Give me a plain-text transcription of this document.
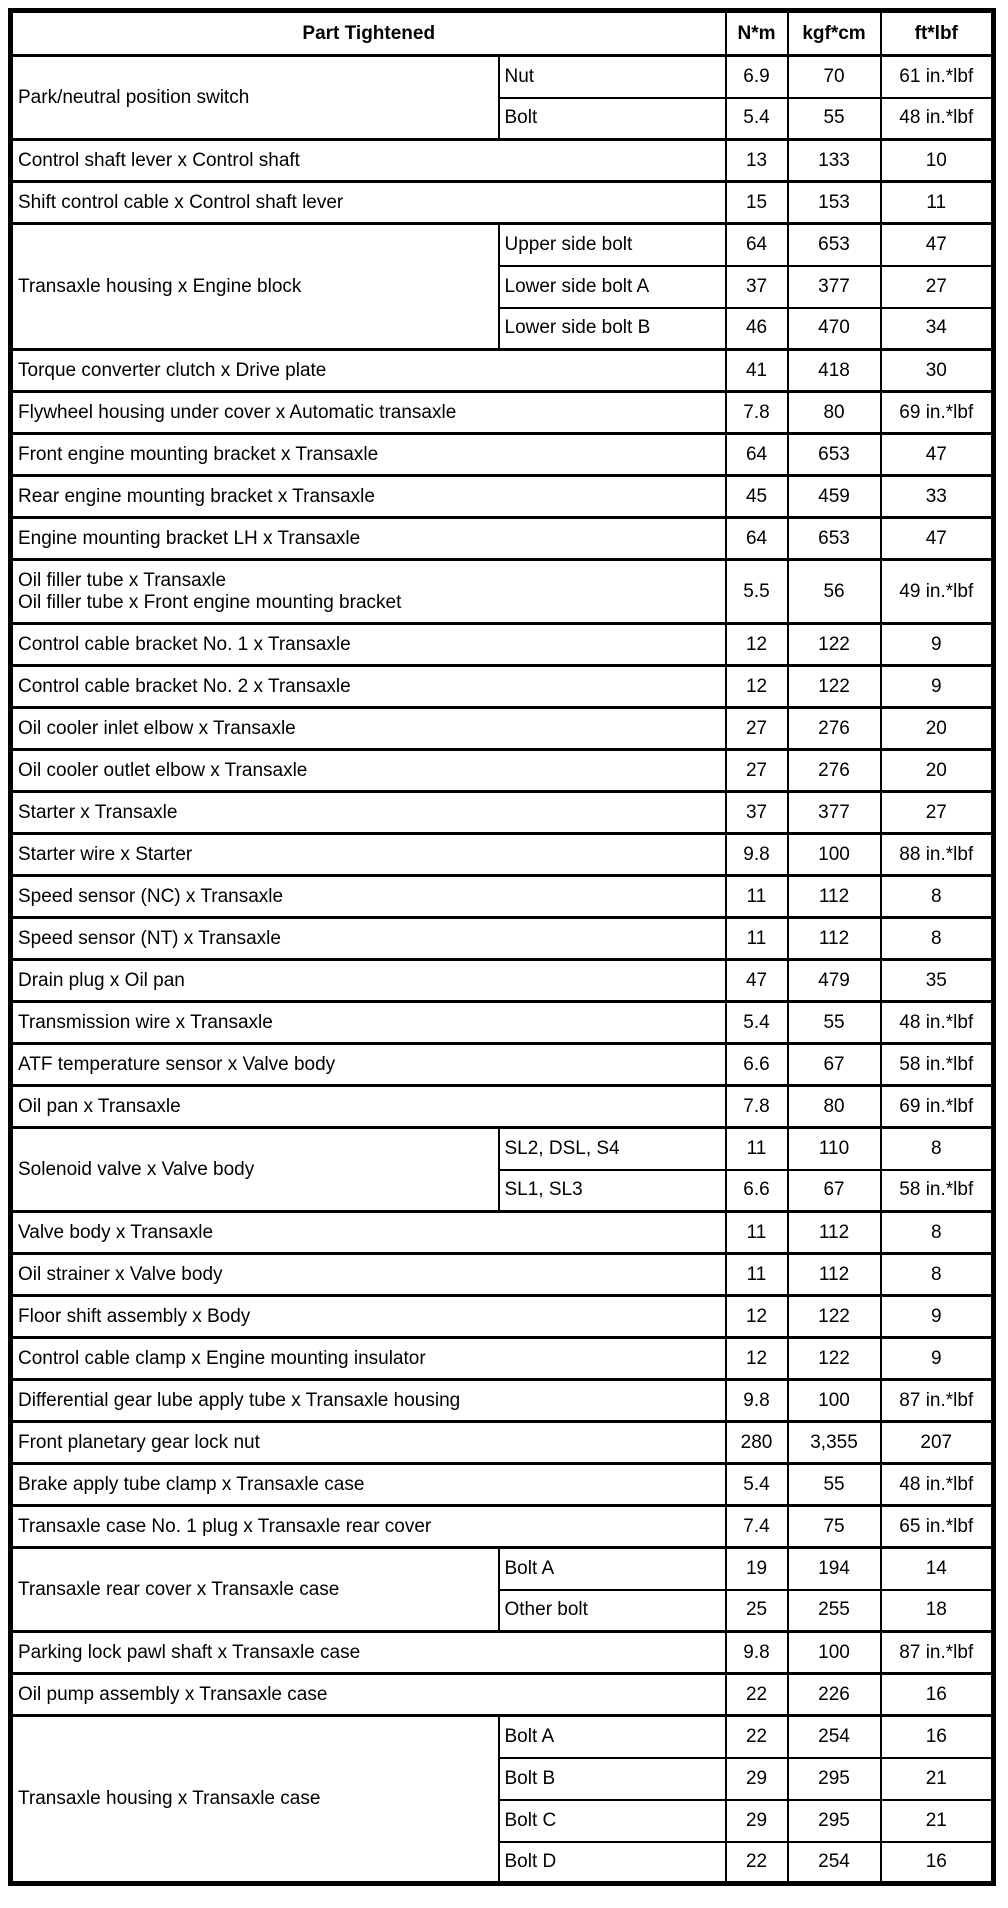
Part Tightened		N*m	kgf*cm	ft*lbf
Park/neutral position switch	Nut	6.9	70	61 in.*lbf
	Bolt	5.4	55	48 in.*lbf
Control shaft lever x Control shaft		13	133	10
Shift control cable x Control shaft lever		15	153	11
Transaxle housing x Engine block	Upper side bolt	64	653	47
	Lower side bolt A	37	377	27
	Lower side bolt B	46	470	34
Torque converter clutch x Drive plate		41	418	30
Flywheel housing under cover x Automatic transaxle		7.8	80	69 in.*lbf
Front engine mounting bracket x Transaxle		64	653	47
Rear engine mounting bracket x Transaxle		45	459	33
Engine mounting bracket LH x Transaxle		64	653	47
Oil filler tube x Transaxle
Oil filler tube x Front engine mounting bracket		5.5	56	49 in.*lbf
Control cable bracket No. 1 x Transaxle		12	122	9
Control cable bracket No. 2 x Transaxle		12	122	9
Oil cooler inlet elbow x Transaxle		27	276	20
Oil cooler outlet elbow x Transaxle		27	276	20
Starter x Transaxle		37	377	27
Starter wire x Starter		9.8	100	88 in.*lbf
Speed sensor (NC) x Transaxle		11	112	8
Speed sensor (NT) x Transaxle		11	112	8
Drain plug x Oil pan		47	479	35
Transmission wire x Transaxle		5.4	55	48 in.*lbf
ATF temperature sensor x Valve body		6.6	67	58 in.*lbf
Oil pan x Transaxle		7.8	80	69 in.*lbf
Solenoid valve x Valve body	SL2, DSL, S4	11	110	8
	SL1, SL3	6.6	67	58 in.*lbf
Valve body x Transaxle		11	112	8
Oil strainer x Valve body		11	112	8
Floor shift assembly x Body		12	122	9
Control cable clamp x Engine mounting insulator		12	122	9
Differential gear lube apply tube x Transaxle housing		9.8	100	87 in.*lbf
Front planetary gear lock nut		280	3,355	207
Brake apply tube clamp x Transaxle case		5.4	55	48 in.*lbf
Transaxle case No. 1 plug x Transaxle rear cover		7.4	75	65 in.*lbf
Transaxle rear cover x Transaxle case	Bolt A	19	194	14
	Other bolt	25	255	18
Parking lock pawl shaft x Transaxle case		9.8	100	87 in.*lbf
Oil pump assembly x Transaxle case		22	226	16
Transaxle housing x Transaxle case	Bolt A	22	254	16
	Bolt B	29	295	21
	Bolt C	29	295	21
	Bolt D	22	254	16
